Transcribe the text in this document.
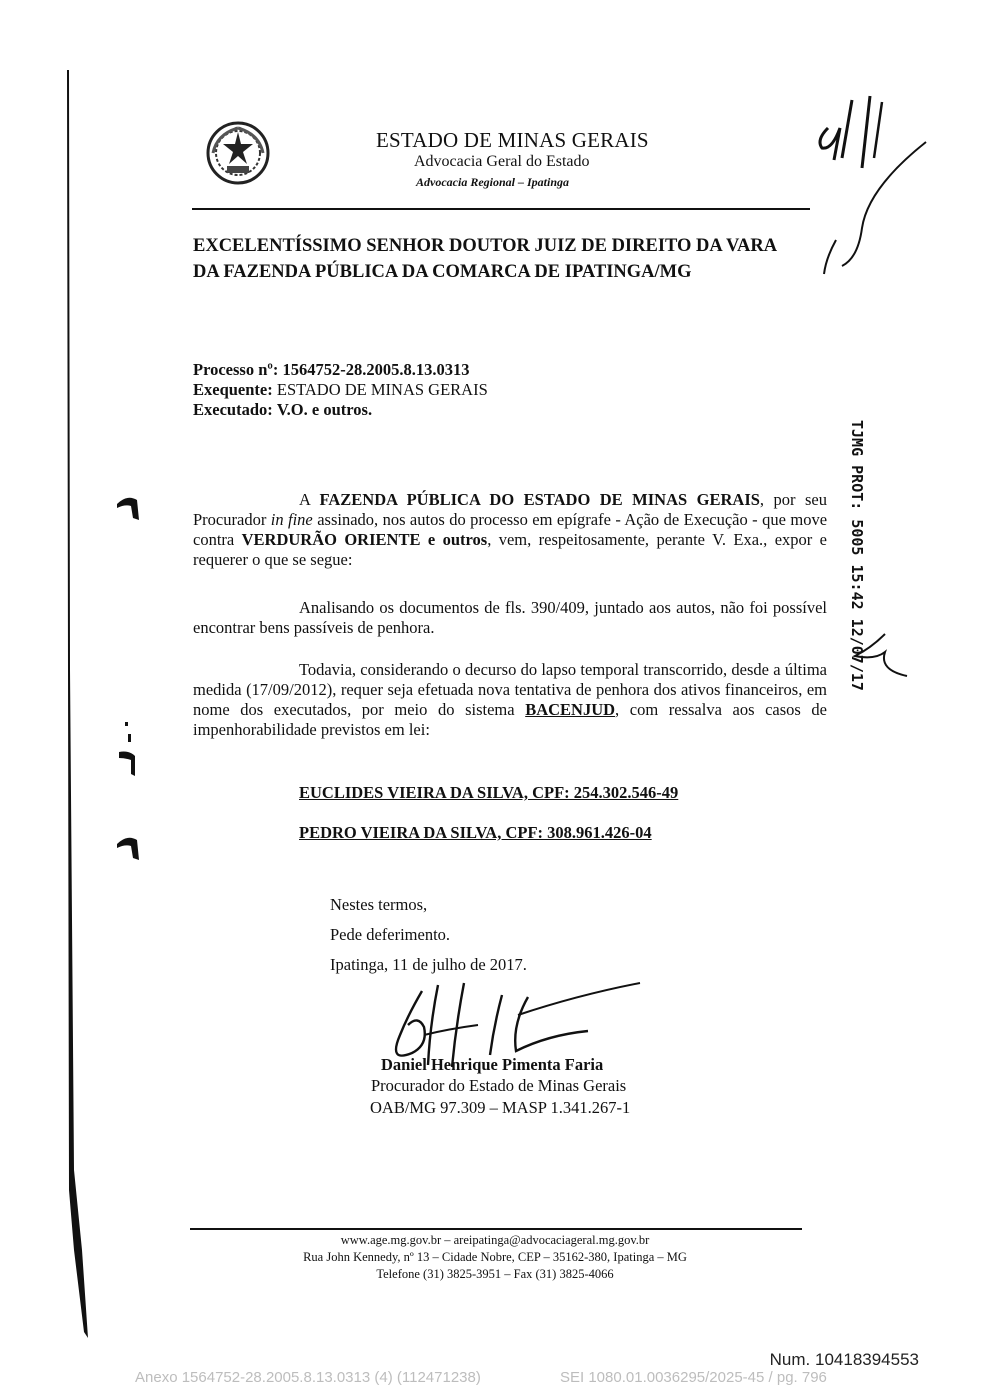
ESTADO DE MINAS GERAIS
Advocacia Geral do Estado
Advocacia Regional – Ipatinga
EXCELENTÍSSIMO SENHOR DOUTOR JUIZ DE DIREITO DA VARA
DA FAZENDA PÚBLICA DA COMARCA DE IPATINGA/MG
Processo nº: 1564752-28.2005.8.13.0313
Exequente: ESTADO DE MINAS GERAIS
Executado: V.O. e outros.
TJMG PROT: 5005 15:42 12/07/17
A FAZENDA PÚBLICA DO ESTADO DE MINAS GERAIS, por seu Procurador in fine assinado, nos autos do processo em epígrafe - Ação de Execução - que move contra VERDURÃO ORIENTE e outros, vem, respeitosamente, perante V. Exa., expor e requerer o que se segue:
Analisando os documentos de fls. 390/409, juntado aos autos, não foi possível encontrar bens passíveis de penhora.
Todavia, considerando o decurso do lapso temporal transcorrido, desde a última medida (17/09/2012), requer seja efetuada nova tentativa de penhora dos ativos financeiros, em nome dos executados, por meio do sistema BACENJUD, com ressalva aos casos de impenhorabilidade previstos em lei:
EUCLIDES VIEIRA DA SILVA, CPF: 254.302.546-49
PEDRO VIEIRA DA SILVA, CPF: 308.961.426-04
Nestes termos,
Pede deferimento.
Ipatinga, 11 de julho de 2017.
Daniel Henrique Pimenta Faria
Procurador do Estado de Minas Gerais
OAB/MG 97.309 – MASP 1.341.267-1
www.age.mg.gov.br – areipatinga@advocaciageral.mg.gov.br
Rua John Kennedy, nº 13 – Cidade Nobre, CEP – 35162-380, Ipatinga – MG
Telefone (31) 3825-3951 – Fax (31) 3825-4066
Num. 10418394553
Anexo 1564752-28.2005.8.13.0313 (4) (112471238)	SEI 1080.01.0036295/2025-45 / pg. 796
